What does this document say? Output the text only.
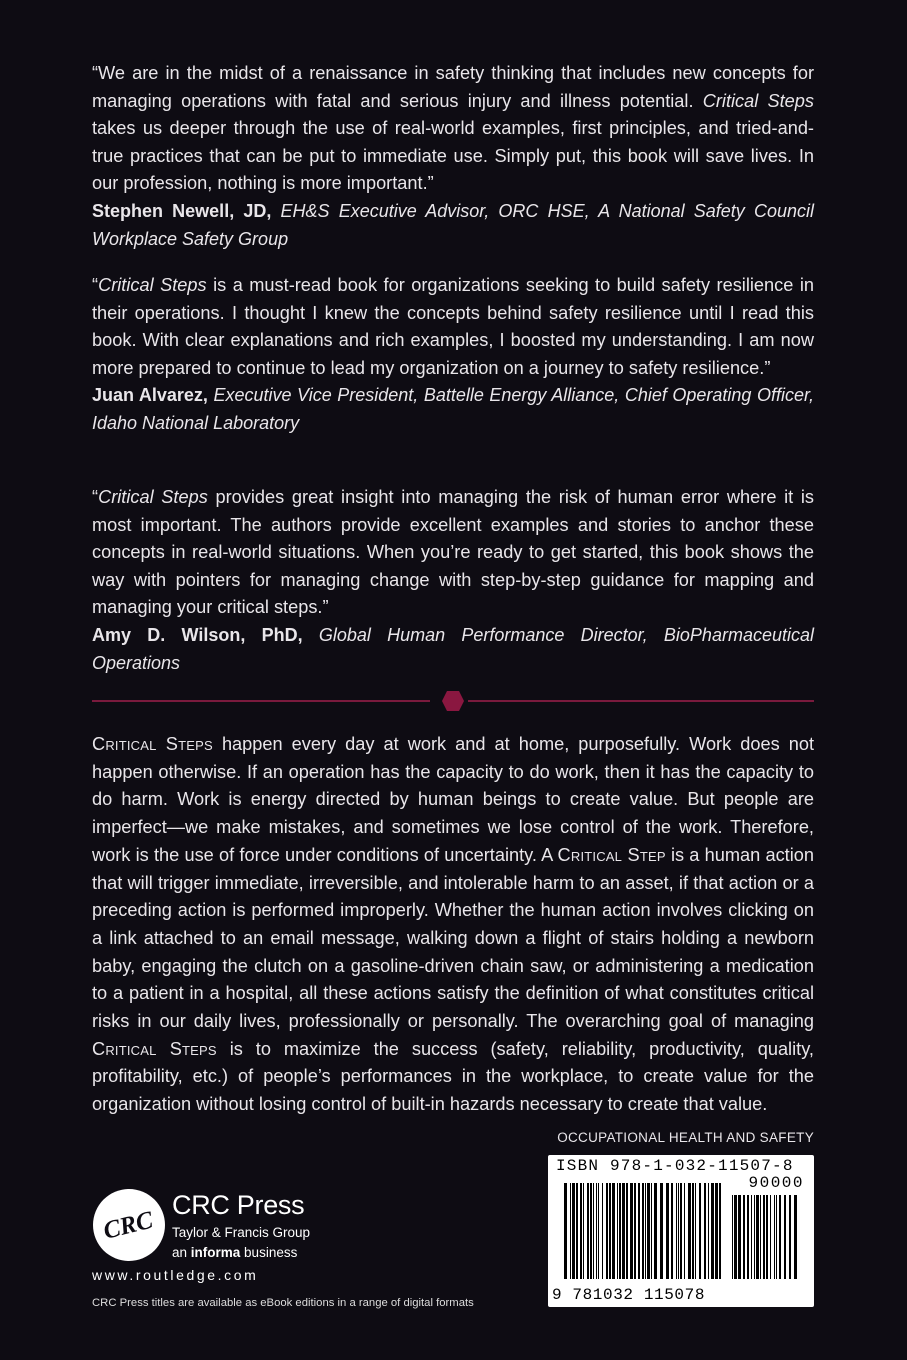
“We are in the midst of a renaissance in safety thinking that includes new concepts for managing operations with fatal and serious injury and illness potential. Critical Steps takes us deeper through the use of real-world examples, first principles, and tried-and-true practices that can be put to immediate use. Simply put, this book will save lives. In our profession, nothing is more important.”
Stephen Newell, JD, EH&S Executive Advisor, ORC HSE, A National Safety Council Workplace Safety Group

“Critical Steps is a must-read book for organizations seeking to build safety resilience in their operations. I thought I knew the concepts behind safety resilience until I read this book. With clear explanations and rich examples, I boosted my understanding. I am now more prepared to continue to lead my organization on a journey to safety resilience.”
Juan Alvarez, Executive Vice President, Battelle Energy Alliance, Chief Operating Officer, Idaho National Laboratory

“Critical Steps provides great insight into managing the risk of human error where it is most important. The authors provide excellent examples and stories to anchor these concepts in real-world situations. When you’re ready to get started, this book shows the way with pointers for managing change with step-by-step guidance for mapping and managing your critical steps.”
Amy D. Wilson, PhD, Global Human Performance Director, BioPharmaceutical Operations

Critical Steps happen every day at work and at home, purposefully. Work does not happen otherwise. If an operation has the capacity to do work, then it has the capacity to do harm. Work is energy directed by human beings to create value. But people are imperfect—we make mistakes, and sometimes we lose control of the work. Therefore, work is the use of force under conditions of uncertainty. A Critical Step is a human action that will trigger immediate, irreversible, and intolerable harm to an asset, if that action or a preceding action is performed improperly. Whether the human action involves clicking on a link attached to an email message, walking down a flight of stairs holding a newborn baby, engaging the clutch on a gasoline-driven chain saw, or administering a medication to a patient in a hospital, all these actions satisfy the definition of what constitutes critical risks in our daily lives, professionally or personally. The overarching goal of managing Critical Steps is to maximize the success (safety, reliability, productivity, quality, profitability, etc.) of people’s performances in the workplace, to create value for the organization without losing control of built-in hazards necessary to create that value.

OCCUPATIONAL HEALTH AND SAFETY
ISBN 978-1-032-11507-8
90000
9 781032 115078
CRC
CRC Press
Taylor & Francis Group
an informa business
www.routledge.com
CRC Press titles are available as eBook editions in a range of digital formats
